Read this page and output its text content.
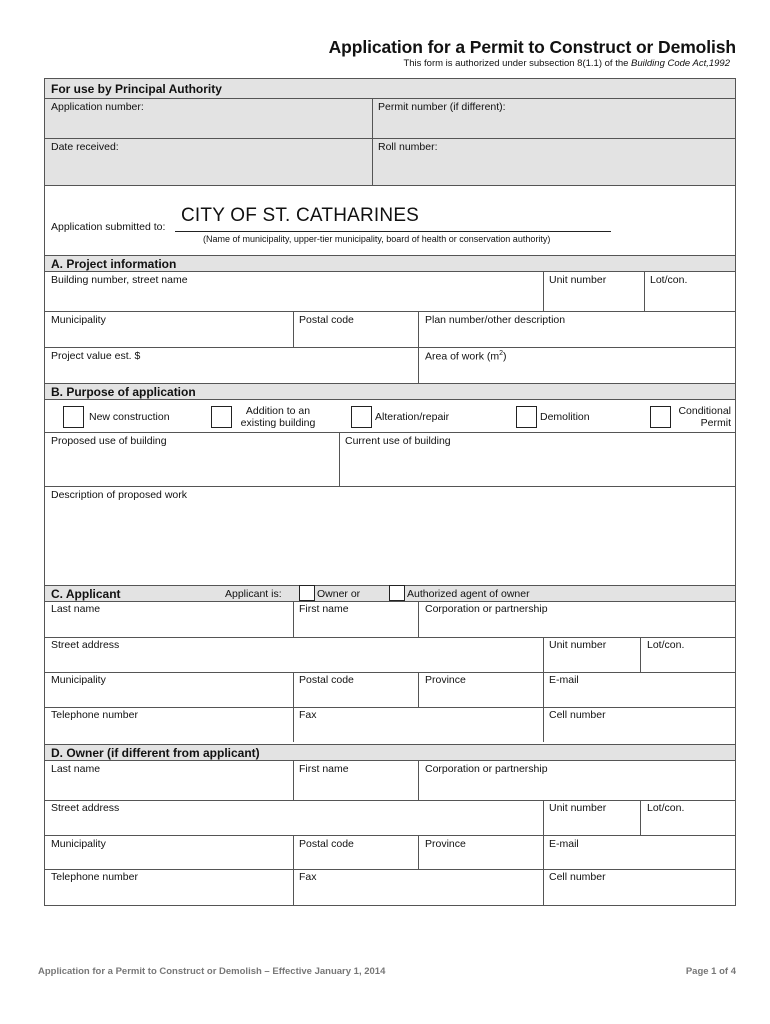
Application for a Permit to Construct or Demolish
This form is authorized under subsection 8(1.1) of the Building Code Act,1992
For use by Principal Authority
Application number:	Permit number (if different):
Date received:	Roll number:
Application submitted to:
CITY OF ST. CATHARINES
(Name of municipality, upper-tier municipality, board of health or conservation authority)
A. Project information
Building number, street name	Unit number	Lot/con.
Municipality	Postal code	Plan number/other description
Project value est. $	Area of work $(m^2)$
B. Purpose of application
New construction	Addition to an
existing building	Alteration/repair	Demolition	Conditional
Permit
Proposed use of building	Current use of building
Description of proposed work
C. Applicant	Applicant is:	Owner or	Authorized agent of owner
Last name	First name	Corporation or partnership
Street address	Unit number	Lot/con.
Municipality	Postal code	Province	E-mail
Telephone number	Fax	Cell number
D. Owner (if different from applicant)
Last name	First name	Corporation or partnership
Street address	Unit number	Lot/con.
Municipality	Postal code	Province	E-mail
Telephone number	Fax	Cell number
Application for a Permit to Construct or Demolish – Effective January 1, 2014	Page 1 of 4
